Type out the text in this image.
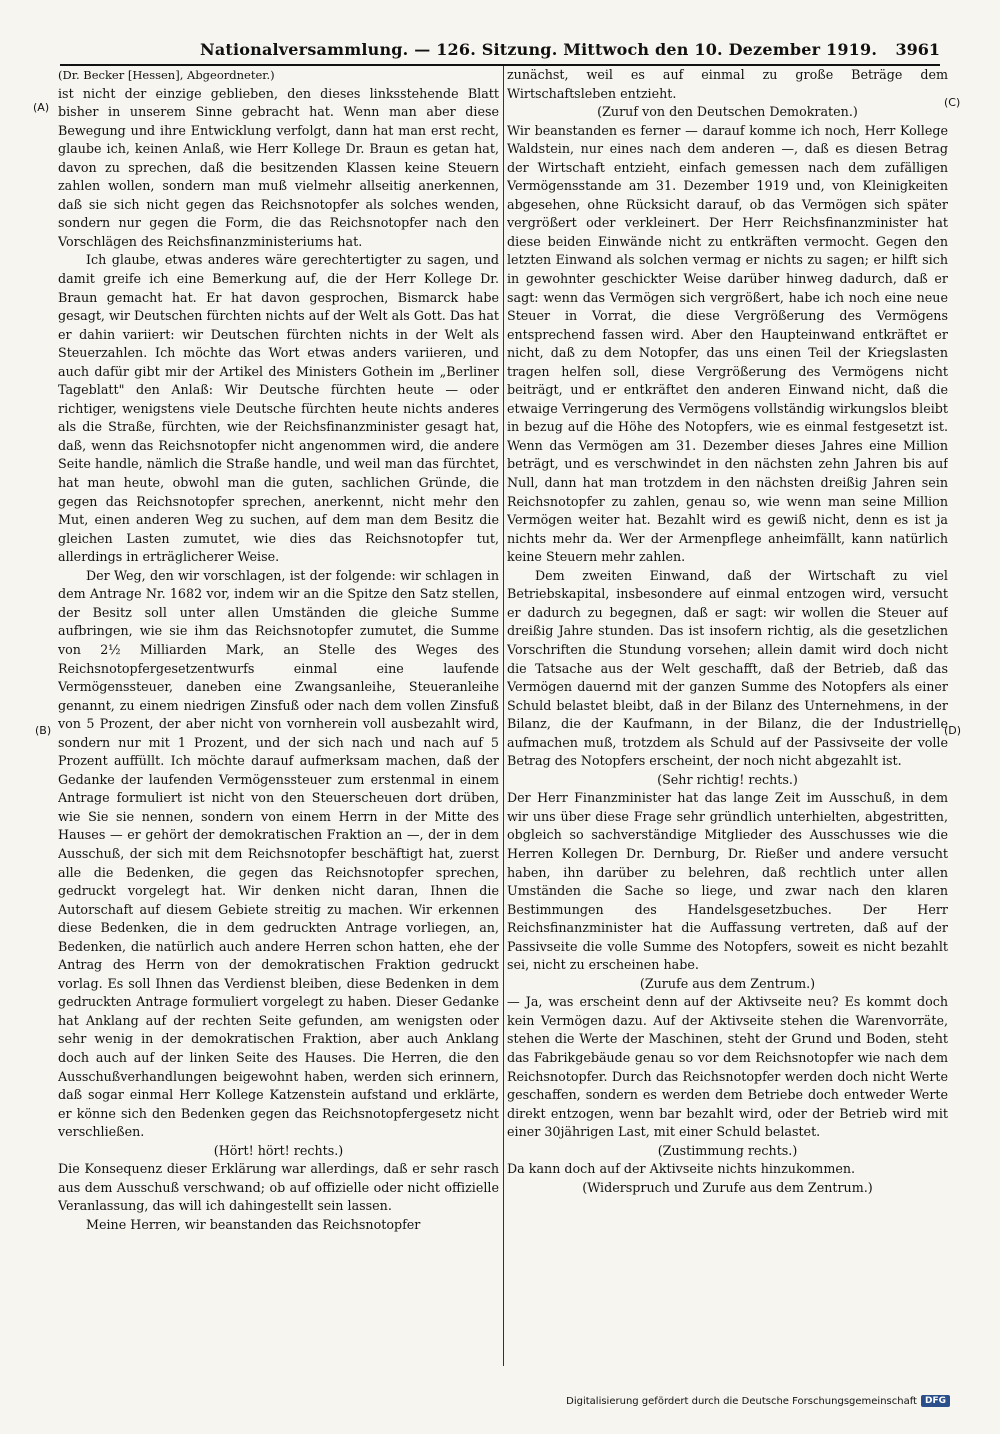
Nationalversammlung. — 126. Sitzung. Mittwoch den 10. Dezember 1919. 3961
(A)
(B)
(C)
(D)

(Dr. Becker [Hessen], Abgeordneter.)

ist nicht der einzige geblieben, den dieses linksstehende Blatt bisher in unserem Sinne gebracht hat. Wenn man aber diese Bewegung und ihre Entwicklung verfolgt, dann hat man erst recht, glaube ich, keinen Anlaß, wie Herr Kollege Dr. Braun es getan hat, davon zu sprechen, daß die besitzenden Klassen keine Steuern zahlen wollen, sondern man muß vielmehr allseitig anerkennen, daß sie sich nicht gegen das Reichsnotopfer als solches wenden, sondern nur gegen die Form, die das Reichsnotopfer nach den Vorschlägen des Reichsfinanzministeriums hat.

Ich glaube, etwas anderes wäre gerechtertigter zu sagen, und damit greife ich eine Bemerkung auf, die der Herr Kollege Dr. Braun gemacht hat. Er hat davon gesprochen, Bismarck habe gesagt, wir Deutschen fürchten nichts auf der Welt als Gott. Das hat er dahin variiert: wir Deutschen fürchten nichts in der Welt als Steuerzahlen. Ich möchte das Wort etwas anders variieren, und auch dafür gibt mir der Artikel des Ministers Gothein im „Berliner Tageblatt" den Anlaß: Wir Deutsche fürchten heute — oder richtiger, wenigstens viele Deutsche fürchten heute nichts anderes als die Straße, fürchten, wie der Reichsfinanzminister gesagt hat, daß, wenn das Reichsnotopfer nicht angenommen wird, die andere Seite handle, nämlich die Straße handle, und weil man das fürchtet, hat man heute, obwohl man die guten, sachlichen Gründe, die gegen das Reichsnotopfer sprechen, anerkennt, nicht mehr den Mut, einen anderen Weg zu suchen, auf dem man dem Besitz die gleichen Lasten zumutet, wie dies das Reichsnotopfer tut, allerdings in erträglicherer Weise.

Der Weg, den wir vorschlagen, ist der folgende: wir schlagen in dem Antrage Nr. 1682 vor, indem wir an die Spitze den Satz stellen, der Besitz soll unter allen Umständen die gleiche Summe aufbringen, wie sie ihm das Reichsnotopfer zumutet, die Summe von 2½ Milliarden Mark, an Stelle des Weges des Reichsnotopfergesetzentwurfs einmal eine laufende Vermögenssteuer, daneben eine Zwangsanleihe, Steueranleihe genannt, zu einem niedrigen Zinsfuß oder nach dem vollen Zinsfuß von 5 Prozent, der aber nicht von vornherein voll ausbezahlt wird, sondern nur mit 1 Prozent, und der sich nach und nach auf 5 Prozent auffüllt. Ich möchte darauf aufmerksam machen, daß der Gedanke der laufenden Vermögenssteuer zum erstenmal in einem Antrage formuliert ist nicht von den Steuerscheuen dort drüben, wie Sie sie nennen, sondern von einem Herrn in der Mitte des Hauses — er gehört der demokratischen Fraktion an —, der in dem Ausschuß, der sich mit dem Reichsnotopfer beschäftigt hat, zuerst alle die Bedenken, die gegen das Reichsnotopfer sprechen, gedruckt vorgelegt hat. Wir denken nicht daran, Ihnen die Autorschaft auf diesem Gebiete streitig zu machen. Wir erkennen diese Bedenken, die in dem gedruckten Antrage vorliegen, an, Bedenken, die natürlich auch andere Herren schon hatten, ehe der Antrag des Herrn von der demokratischen Fraktion gedruckt vorlag. Es soll Ihnen das Verdienst bleiben, diese Bedenken in dem gedruckten Antrage formuliert vorgelegt zu haben. Dieser Gedanke hat Anklang auf der rechten Seite gefunden, am wenigsten oder sehr wenig in der demokratischen Fraktion, aber auch Anklang doch auch auf der linken Seite des Hauses. Die Herren, die den Ausschußverhandlungen beigewohnt haben, werden sich erinnern, daß sogar einmal Herr Kollege Katzenstein aufstand und erklärte, er könne sich den Bedenken gegen das Reichsnotopfergesetz nicht verschließen.

(Hört! hört! rechts.)

Die Konsequenz dieser Erklärung war allerdings, daß er sehr rasch aus dem Ausschuß verschwand; ob auf offizielle oder nicht offizielle Veranlassung, das will ich dahingestellt sein lassen.

Meine Herren, wir beanstanden das Reichsnotopfer

zunächst, weil es auf einmal zu große Beträge dem Wirtschaftsleben entzieht.

(Zuruf von den Deutschen Demokraten.)

Wir beanstanden es ferner — darauf komme ich noch, Herr Kollege Waldstein, nur eines nach dem anderen —, daß es diesen Betrag der Wirtschaft entzieht, einfach gemessen nach dem zufälligen Vermögensstande am 31. Dezember 1919 und, von Kleinigkeiten abgesehen, ohne Rücksicht darauf, ob das Vermögen sich später vergrößert oder verkleinert. Der Herr Reichsfinanzminister hat diese beiden Einwände nicht zu entkräften vermocht. Gegen den letzten Einwand als solchen vermag er nichts zu sagen; er hilft sich in gewohnter geschickter Weise darüber hinweg dadurch, daß er sagt: wenn das Vermögen sich vergrößert, habe ich noch eine neue Steuer in Vorrat, die diese Vergrößerung des Vermögens entsprechend fassen wird. Aber den Haupteinwand entkräftet er nicht, daß zu dem Notopfer, das uns einen Teil der Kriegslasten tragen helfen soll, diese Vergrößerung des Vermögens nicht beiträgt, und er entkräftet den anderen Einwand nicht, daß die etwaige Verringerung des Vermögens vollständig wirkungslos bleibt in bezug auf die Höhe des Notopfers, wie es einmal festgesetzt ist. Wenn das Vermögen am 31. Dezember dieses Jahres eine Million beträgt, und es verschwindet in den nächsten zehn Jahren bis auf Null, dann hat man trotzdem in den nächsten dreißig Jahren sein Reichsnotopfer zu zahlen, genau so, wie wenn man seine Million Vermögen weiter hat. Bezahlt wird es gewiß nicht, denn es ist ja nichts mehr da. Wer der Armenpflege anheimfällt, kann natürlich keine Steuern mehr zahlen.

Dem zweiten Einwand, daß der Wirtschaft zu viel Betriebskapital, insbesondere auf einmal entzogen wird, versucht er dadurch zu begegnen, daß er sagt: wir wollen die Steuer auf dreißig Jahre stunden. Das ist insofern richtig, als die gesetzlichen Vorschriften die Stundung vorsehen; allein damit wird doch nicht die Tatsache aus der Welt geschafft, daß der Betrieb, daß das Vermögen dauernd mit der ganzen Summe des Notopfers als einer Schuld belastet bleibt, daß in der Bilanz des Unternehmens, in der Bilanz, die der Kaufmann, in der Bilanz, die der Industrielle aufmachen muß, trotzdem als Schuld auf der Passivseite der volle Betrag des Notopfers erscheint, der noch nicht abgezahlt ist.

(Sehr richtig! rechts.)

Der Herr Finanzminister hat das lange Zeit im Ausschuß, in dem wir uns über diese Frage sehr gründlich unterhielten, abgestritten, obgleich so sachverständige Mitglieder des Ausschusses wie die Herren Kollegen Dr. Dernburg, Dr. Rießer und andere versucht haben, ihn darüber zu belehren, daß rechtlich unter allen Umständen die Sache so liege, und zwar nach den klaren Bestimmungen des Handelsgesetzbuches. Der Herr Reichsfinanzminister hat die Auffassung vertreten, daß auf der Passivseite die volle Summe des Notopfers, soweit es nicht bezahlt sei, nicht zu erscheinen habe.

(Zurufe aus dem Zentrum.)

— Ja, was erscheint denn auf der Aktivseite neu? Es kommt doch kein Vermögen dazu. Auf der Aktivseite stehen die Warenvorräte, stehen die Werte der Maschinen, steht der Grund und Boden, steht das Fabrikgebäude genau so vor dem Reichsnotopfer wie nach dem Reichsnotopfer. Durch das Reichsnotopfer werden doch nicht Werte geschaffen, sondern es werden dem Betriebe doch entweder Werte direkt entzogen, wenn bar bezahlt wird, oder der Betrieb wird mit einer 30jährigen Last, mit einer Schuld belastet.

(Zustimmung rechts.)

Da kann doch auf der Aktivseite nichts hinzukommen.

(Widerspruch und Zurufe aus dem Zentrum.)

Digitalisierung gefördert durch die Deutsche Forschungsgemeinschaft DFG
